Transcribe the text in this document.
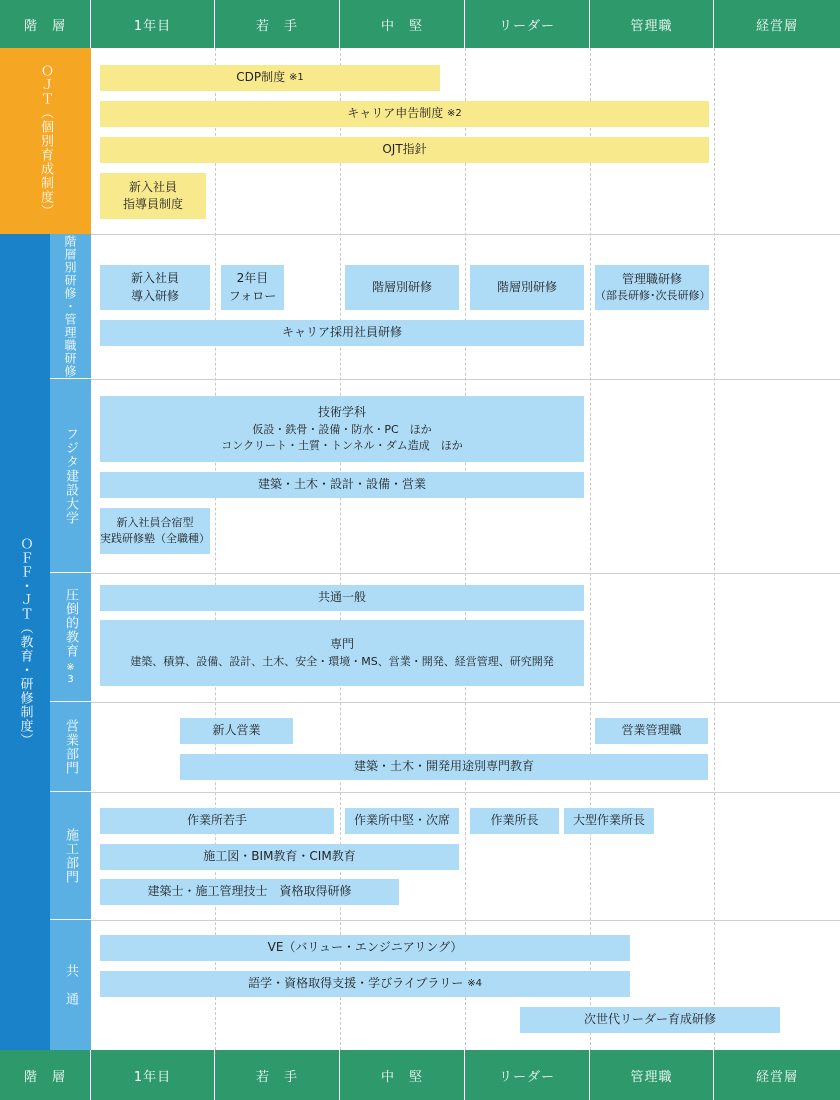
階　層	1年目	若　手	中　堅	リーダー	管理職	経営層
階　層	1年目	若　手	中　堅	リーダー	管理職	経営層
ＯＪＴ（個別育成制度）
ＯＦＦ・ＪＴ（教育・研修制度）
階層別研修・管理職研修
フジタ建設大学
圧倒的教育
※3
営業部門
施工部門
共　通
CDP制度
※1
キャリア申告制度
※2
OJT指針
新入社員
指導員制度
新入社員
導入研修
2年目
フォロー
階層別研修	階層別研修
管理職研修
（部長研修･次長研修）
キャリア採用社員研修
技術学科
仮設・鉄骨・設備・防水・PC　ほか
コンクリート・土質・トンネル・ダム造成　ほか
建築・土木・設計・設備・営業
新入社員合宿型
実践研修塾（全職種）
共通一般
専門
建築、積算、設備、設計、土木、安全・環境・MS、営業・開発、経営管理、研究開発
新人営業	営業管理職
建築・土木・開発用途別専門教育
作業所若手	作業所中堅・次席	作業所長	大型作業所長
施工図・BIM教育・CIM教育
建築士・施工管理技士　資格取得研修
VE（バリュー・エンジニアリング）
語学・資格取得支援・学びライブラリー
※4
次世代リーダー育成研修
